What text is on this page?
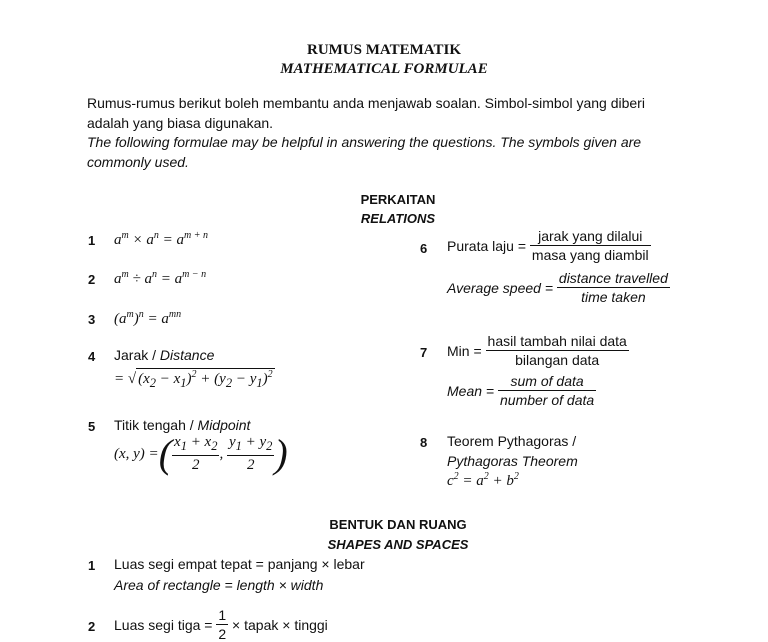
RUMUS MATEMATIK
MATHEMATICAL FORMULAE
Rumus-rumus berikut boleh membantu anda menjawab soalan. Simbol-simbol yang diberi
adalah yang biasa digunakan.
The following formulae may be helpful in answering the questions. The symbols given are
commonly used.
PERKAITAN
RELATIONS
1 $a^m \times a^n = a^{m + n}$
2 $a^m \div a^n = a^{m - n}$
3 $(a^m)^n = a^{mn}$
4 Jarak / Distance
= √ $(x_2 - x_1)^2 + (y_2 - y_1)^2$
5 Titik tengah / Midpoint
(x, y) = ( $\frac{x_1 + x_2}{2}$ , $\frac{y_1 + y_2}{2}$ )
6 Purata laju = $\frac{\text{jarak yang dilalui}}{\text{masa yang diambil}}$
Average speed = $\frac{\text{distance travelled}}{\text{time taken}}$
7 Min = $\frac{\text{hasil tambah nilai data}}{\text{bilangan data}}$
Mean = $\frac{\text{sum of data}}{\text{number of data}}$
8 Teorem Pythagoras /
Pythagoras Theorem
$c^2 = a^2 + b^2$
BENTUK DAN RUANG
SHAPES AND SPACES
1 Luas segi empat tepat = panjang × lebar
Area of rectangle = length × width
2 Luas segi tiga =
$\frac{1}{2}$
× tapak × tinggi
